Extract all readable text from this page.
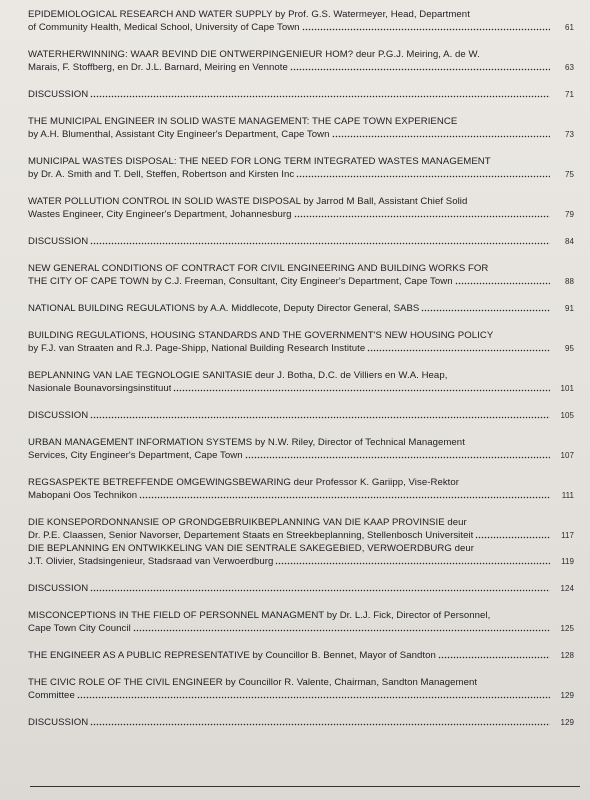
EPIDEMIOLOGICAL RESEARCH AND WATER SUPPLY by Prof. G.S. Watermeyer, Head, Department
of Community Health, Medical School, University of Cape Town	61
WATERHERWINNING: WAAR BEVIND DIE ONTWERPINGENIEUR HOM? deur P.G.J. Meiring, A. de W.
Marais, F. Stoffberg, en Dr. J.L. Barnard, Meiring en Vennote	63
DISCUSSION	71
THE MUNICIPAL ENGINEER IN SOLID WASTE MANAGEMENT: THE CAPE TOWN EXPERIENCE
by A.H. Blumenthal, Assistant City Engineer's Department, Cape Town	73
MUNICIPAL WASTES DISPOSAL: THE NEED FOR LONG TERM INTEGRATED WASTES MANAGEMENT
by Dr. A. Smith and T. Dell, Steffen, Robertson and Kirsten Inc	75
WATER POLLUTION CONTROL IN SOLID WASTE DISPOSAL by Jarrod M Ball, Assistant Chief Solid
Wastes Engineer, City Engineer's Department, Johannesburg	79
DISCUSSION	84
NEW GENERAL CONDITIONS OF CONTRACT FOR CIVIL ENGINEERING AND BUILDING WORKS FOR
THE CITY OF CAPE TOWN by C.J. Freeman, Consultant, City Engineer's Department, Cape Town	88
NATIONAL BUILDING REGULATIONS by A.A. Middlecote, Deputy Director General, SABS	91
BUILDING REGULATIONS, HOUSING STANDARDS AND THE GOVERNMENT'S NEW HOUSING POLICY
by F.J. van Straaten and R.J. Page-Shipp, National Building Research Institute	95
BEPLANNING VAN LAE TEGNOLOGIE SANITASIE deur J. Botha, D.C. de Villiers en W.A. Heap,
Nasionale Bounavorsingsinstituut	101
DISCUSSION	105
URBAN MANAGEMENT INFORMATION SYSTEMS by N.W. Riley, Director of Technical Management
Services, City Engineer's Department, Cape Town	107
REGSASPEKTE BETREFFENDE OMGEWINGSBEWARING deur Professor K. Gariipp, Vise-Rektor
Mabopani Oos Technikon	111
DIE KONSEPORDONNANSIE OP GRONDGEBRUIKBEPLANNING VAN DIE KAAP PROVINSIE deur
Dr. P.E. Claassen, Senior Navorser, Departement Staats en Streekbeplanning, Stellenbosch Universiteit	117
DIE BEPLANNING EN ONTWIKKELING VAN DIE SENTRALE SAKEGEBIED, VERWOERDBURG deur
J.T. Olivier, Stadsingenieur, Stadsraad van Verwoerdburg	119
DISCUSSION	124
MISCONCEPTIONS IN THE FIELD OF PERSONNEL MANAGMENT by Dr. L.J. Fick, Director of Personnel,
Cape Town City Council	125
THE ENGINEER AS A PUBLIC REPRESENTATIVE by Councillor B. Bennet, Mayor of Sandton	128
THE CIVIC ROLE OF THE CIVIL ENGINEER by Councillor R. Valente, Chairman, Sandton Management
Committee	129
DISCUSSION	129
